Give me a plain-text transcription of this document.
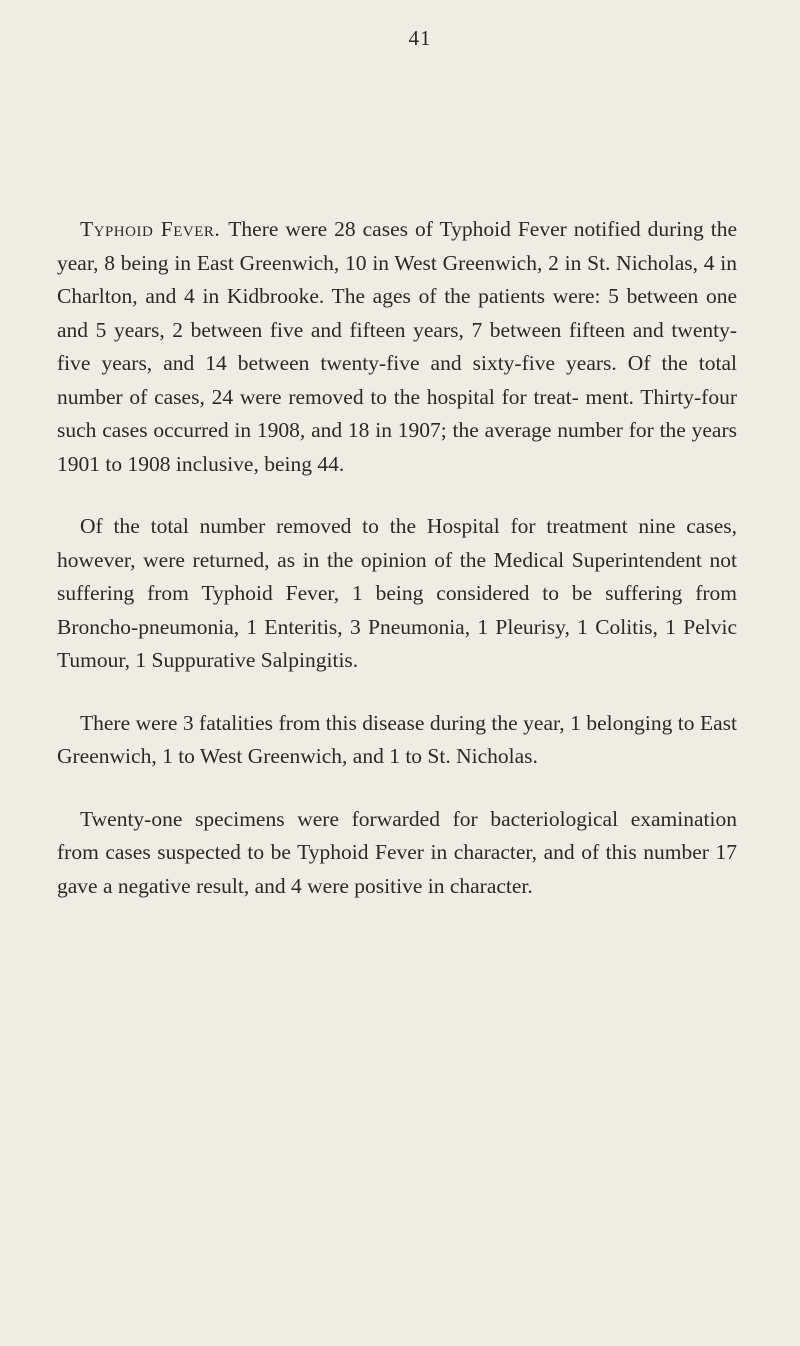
41

Typhoid Fever. There were 28 cases of Typhoid Fever notified during the year, 8 being in East Greenwich, 10 in West Greenwich, 2 in St. Nicholas, 4 in Charlton, and 4 in Kidbrooke. The ages of the patients were: 5 between one and 5 years, 2 between five and fifteen years, 7 between fifteen and twenty-five years, and 14 between twenty-five and sixty-five years. Of the total number of cases, 24 were removed to the hospital for treat- ment. Thirty-four such cases occurred in 1908, and 18 in 1907; the average number for the years 1901 to 1908 inclusive, being 44.

Of the total number removed to the Hospital for treatment nine cases, however, were returned, as in the opinion of the Medical Superintendent not suffering from Typhoid Fever, 1 being considered to be suffering from Broncho-pneumonia, 1 Enteritis, 3 Pneumonia, 1 Pleurisy, 1 Colitis, 1 Pelvic Tumour, 1 Suppurative Salpingitis.

There were 3 fatalities from this disease during the year, 1 belonging to East Greenwich, 1 to West Greenwich, and 1 to St. Nicholas.

Twenty-one specimens were forwarded for bacteriological examination from cases suspected to be Typhoid Fever in character, and of this number 17 gave a negative result, and 4 were positive in character.
